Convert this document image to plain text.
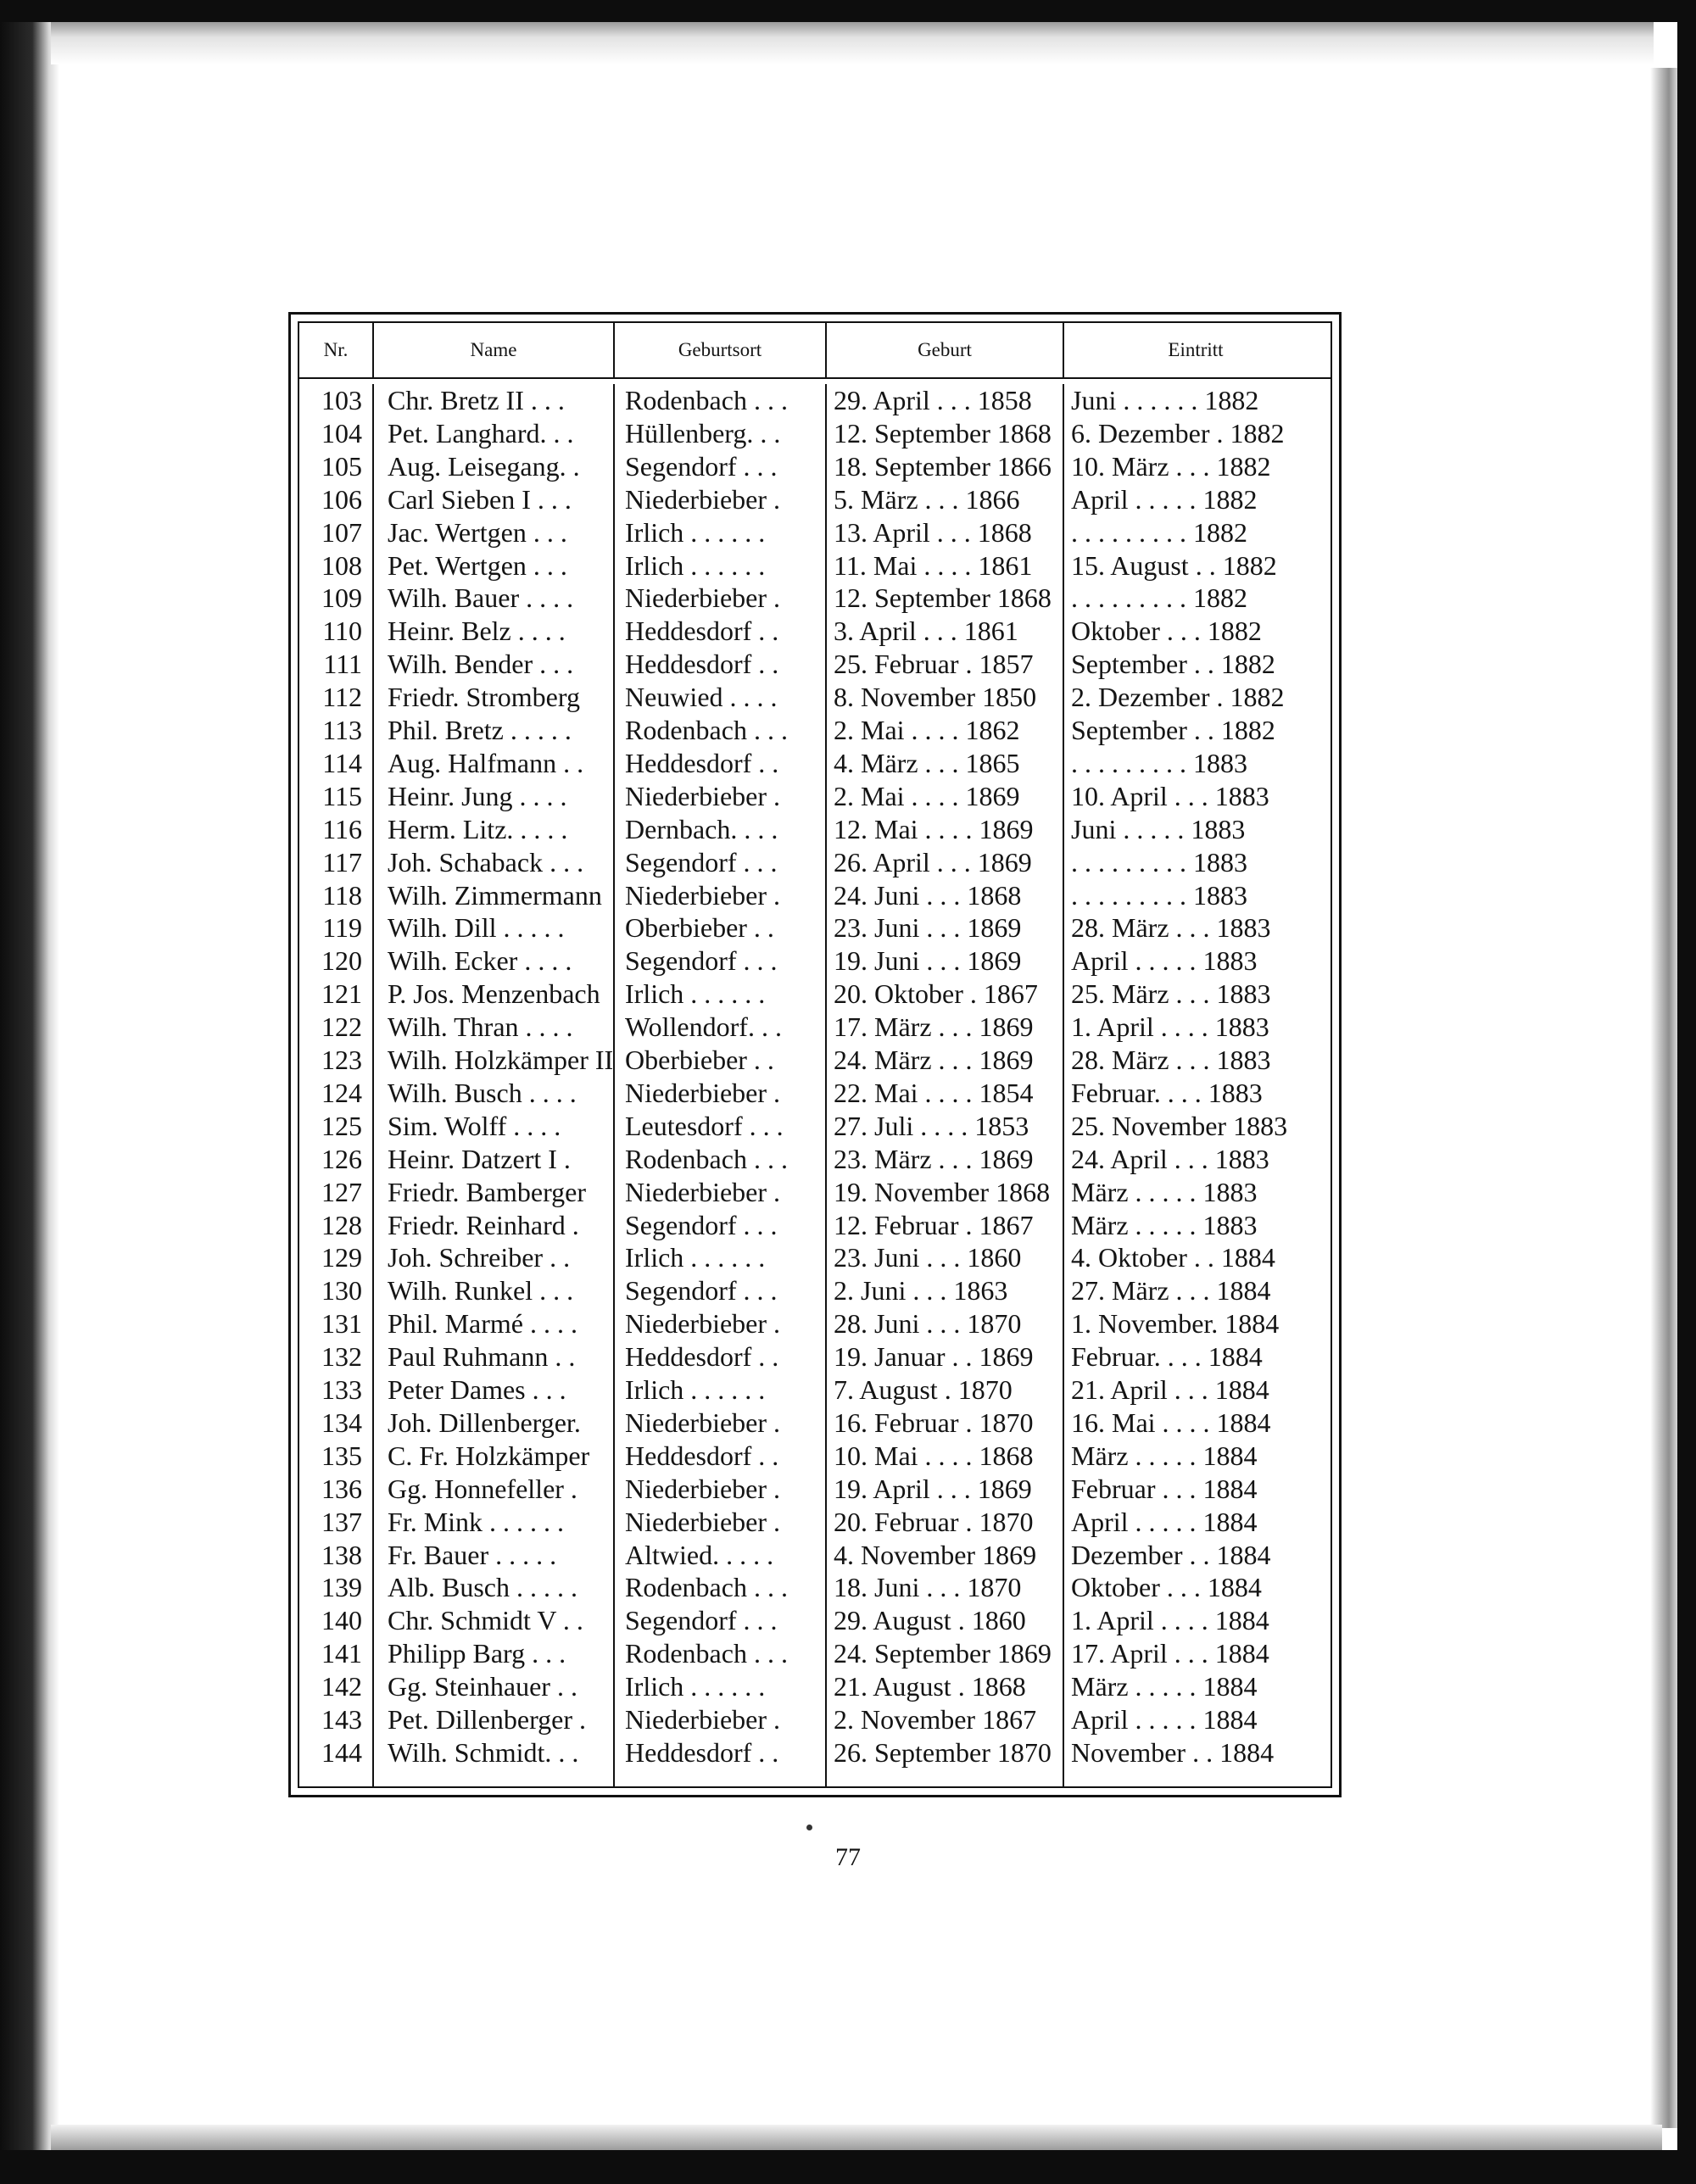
Nr.	Name	Geburtsort	Geburt	Eintritt
103 Chr. Bretz II . . .	Rodenbach . . .	29. April . . . 1858	Juni . . . . . . 1882
104 Pet. Langhard. . .	Hüllenberg. . .	12. September 1868 6. Dezember . 1882
105 Aug. Leisegang. .	Segendorf . . .	18. September 1866 10. März . . . 1882
106 Carl Sieben I . . .	Niederbieber .	5. März . . . 1866	April . . . . . 1882
107 Jac. Wertgen . . .	Irlich . . . . . .	13. April . . . 1868	. . . . . . . . . 1882
108 Pet. Wertgen . . .	Irlich . . . . . .	11. Mai . . . . 1861	15. August . . 1882
109 Wilh. Bauer . . . .	Niederbieber .	12. September 1868 . . . . . . . . . 1882
110 Heinr. Belz . . . .	Heddesdorf . .	3. April . . . 1861	Oktober . . . 1882
111 Wilh. Bender . . .	Heddesdorf . .	25. Februar . 1857	September . . 1882
112 Friedr. Stromberg	Neuwied . . . .	8. November 1850	2. Dezember . 1882
113 Phil. Bretz . . . . .	Rodenbach . . .	2. Mai . . . . 1862	September . . 1882
114 Aug. Halfmann . .	Heddesdorf . .	4. März . . . 1865	. . . . . . . . . 1883
115 Heinr. Jung . . . .	Niederbieber .	2. Mai . . . . 1869	10. April . . . 1883
116 Herm. Litz. . . . .	Dernbach. . . .	12. Mai . . . . 1869	Juni . . . . . 1883
117 Joh. Schaback . . .	Segendorf . . .	26. April . . . 1869	. . . . . . . . . 1883
118 Wilh. Zimmermann Niederbieber .	24. Juni . . . 1868	. . . . . . . . . 1883
119 Wilh. Dill . . . . .	Oberbieber . .	23. Juni . . . 1869	28. März . . . 1883
120 Wilh. Ecker . . . .	Segendorf . . .	19. Juni . . . 1869	April . . . . . 1883
121 P. Jos. Menzenbach Irlich . . . . . .	20. Oktober . 1867	25. März . . . 1883
122 Wilh. Thran . . . .	Wollendorf. . .	17. März . . . 1869	1. April . . . . 1883
123 Wilh. Holzkämper II Oberbieber . .	24. März . . . 1869	28. März . . . 1883
124 Wilh. Busch . . . .	Niederbieber .	22. Mai . . . . 1854	Februar. . . . 1883
125 Sim. Wolff . . . .	Leutesdorf . . .	27. Juli . . . . 1853	25. November 1883
126 Heinr. Datzert I .	Rodenbach . . .	23. März . . . 1869	24. April . . . 1883
127 Friedr. Bamberger	Niederbieber .	19. November 1868 März . . . . . 1883
128 Friedr. Reinhard .	Segendorf . . .	12. Februar . 1867	März . . . . . 1883
129 Joh. Schreiber . .	Irlich . . . . . .	23. Juni . . . 1860	4. Oktober . . 1884
130 Wilh. Runkel . . .	Segendorf . . .	2. Juni . . . 1863	27. März . . . 1884
131 Phil. Marmé . . . .	Niederbieber .	28. Juni . . . 1870	1. November. 1884
132 Paul Ruhmann . .	Heddesdorf . .	19. Januar . . 1869	Februar. . . . 1884
133 Peter Dames . . .	Irlich . . . . . .	7. August . 1870	21. April . . . 1884
134 Joh. Dillenberger.	Niederbieber .	16. Februar . 1870	16. Mai . . . . 1884
135 C. Fr. Holzkämper	Heddesdorf . .	10. Mai . . . . 1868	März . . . . . 1884
136 Gg. Honnefeller .	Niederbieber .	19. April . . . 1869	Februar . . . 1884
137 Fr. Mink . . . . . .	Niederbieber .	20. Februar . 1870	April . . . . . 1884
138 Fr. Bauer . . . . .	Altwied. . . . .	4. November 1869	Dezember . . 1884
139 Alb. Busch . . . . .	Rodenbach . . .	18. Juni . . . 1870	Oktober . . . 1884
140 Chr. Schmidt V . .	Segendorf . . .	29. August . 1860	1. April . . . . 1884
141 Philipp Barg . . .	Rodenbach . . .	24. September 1869 17. April . . . 1884
142 Gg. Steinhauer . .	Irlich . . . . . .	21. August . 1868	März . . . . . 1884
143 Pet. Dillenberger .	Niederbieber .	2. November 1867	April . . . . . 1884
144 Wilh. Schmidt. . .	Heddesdorf . .	26. September 1870 November . . 1884
77
